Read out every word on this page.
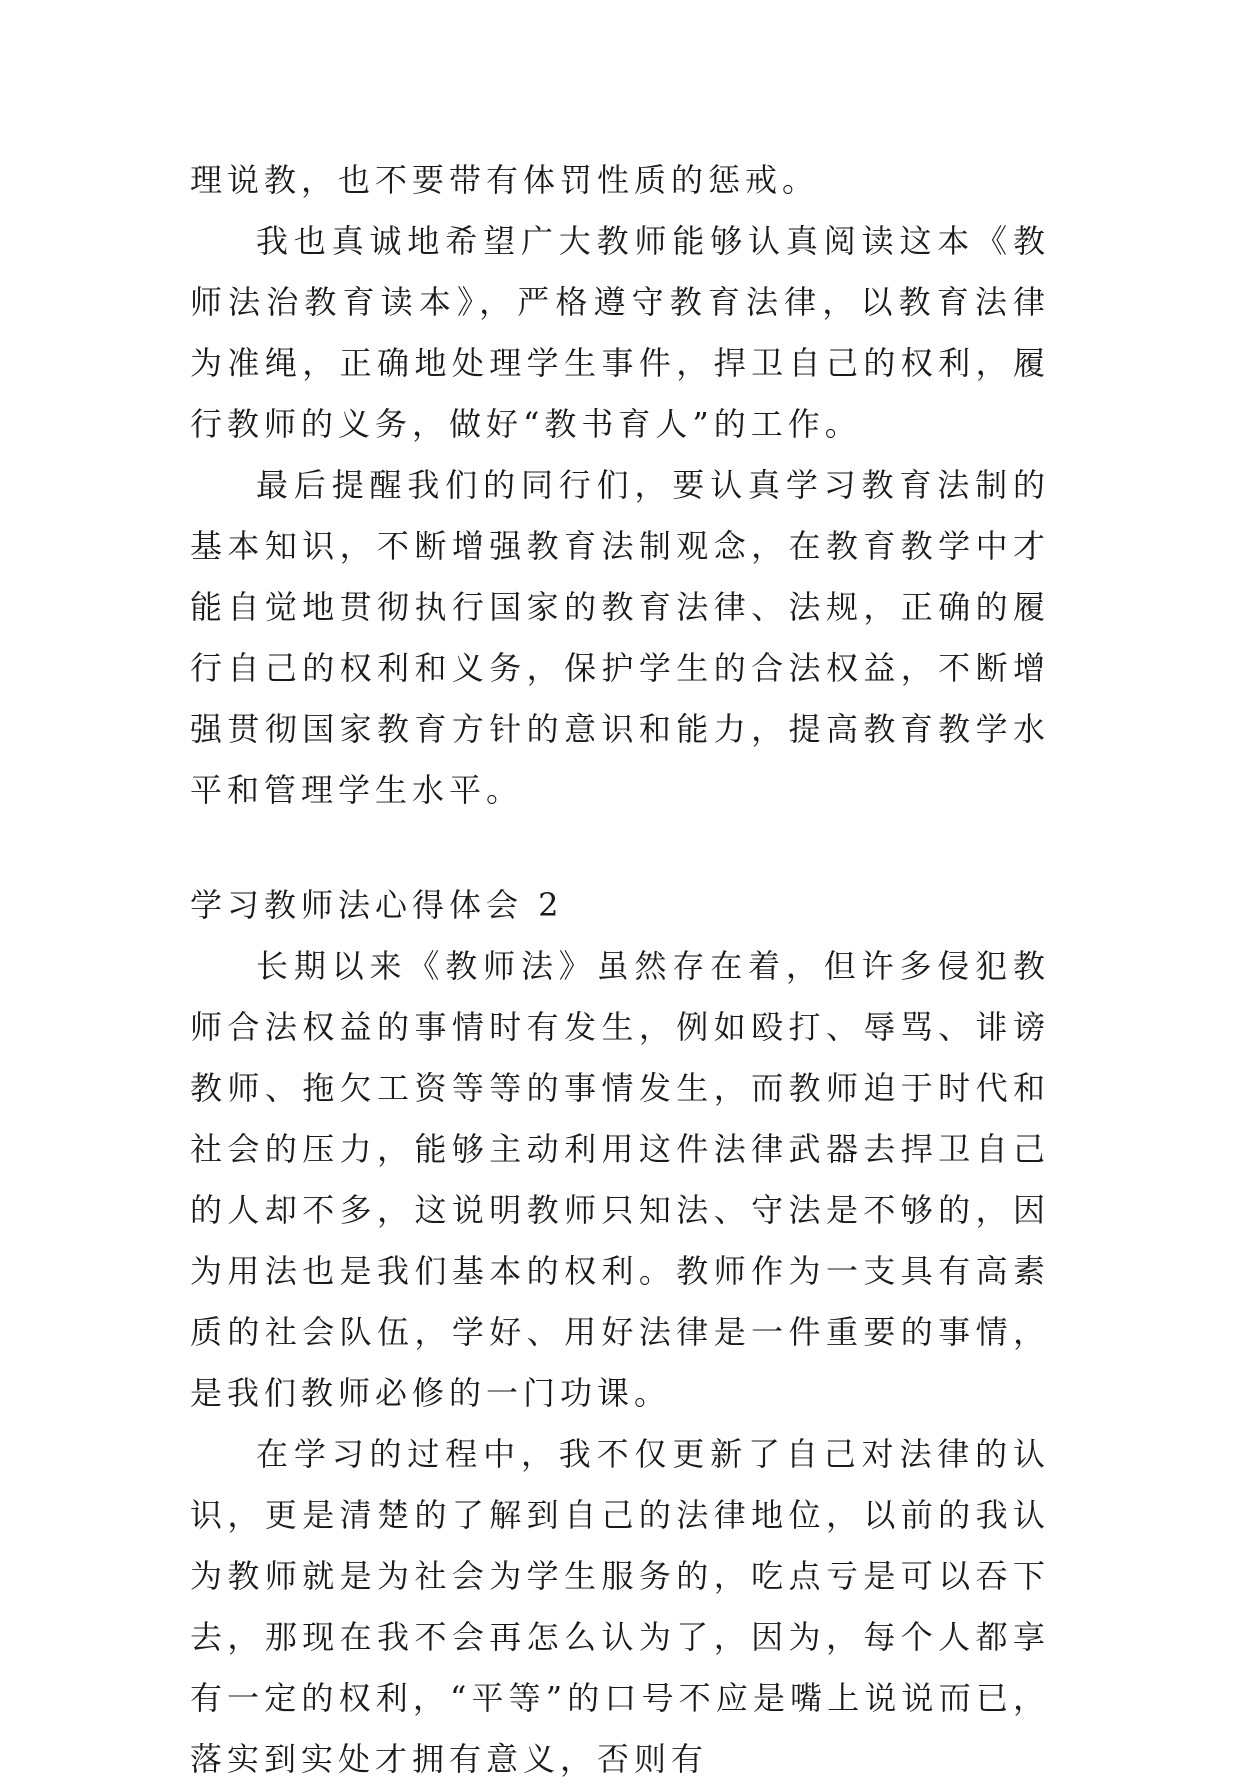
理说教，也不要带有体罚性质的惩戒。

我也真诚地希望广大教师能够认真阅读这本《教师法治教育读本》，严格遵守教育法律，以教育法律为准绳，正确地处理学生事件，捍卫自己的权利，履行教师的义务，做好“教书育人”的工作。

最后提醒我们的同行们，要认真学习教育法制的基本知识，不断增强教育法制观念，在教育教学中才能自觉地贯彻执行国家的教育法律、法规，正确的履行自己的权利和义务，保护学生的合法权益，不断增强贯彻国家教育方针的意识和能力，提高教育教学水平和管理学生水平。

学习教师法心得体会 2

长期以来《教师法》虽然存在着，但许多侵犯教师合法权益的事情时有发生，例如殴打、辱骂、诽谤教师、拖欠工资等等的事情发生，而教师迫于时代和社会的压力，能够主动利用这件法律武器去捍卫自己的人却不多，这说明教师只知法、守法是不够的，因为用法也是我们基本的权利。教师作为一支具有高素质的社会队伍，学好、用好法律是一件重要的事情，是我们教师必修的一门功课。

在学习的过程中，我不仅更新了自己对法律的认识，更是清楚的了解到自己的法律地位，以前的我认为教师就是为社会为学生服务的，吃点亏是可以吞下去，那现在我不会再怎么认为了，因为，每个人都享有一定的权利，“平等”的口号不应是嘴上说说而已，落实到实处才拥有意义，否则有
